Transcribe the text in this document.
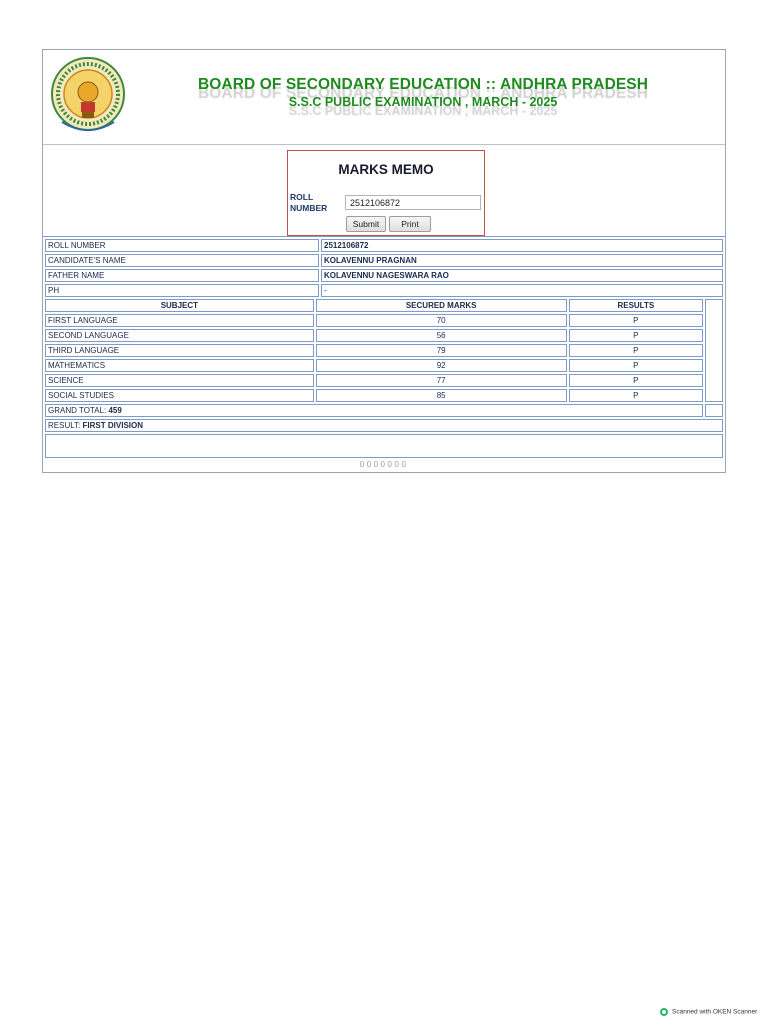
BOARD OF SECONDARY EDUCATION :: ANDHRA PRADESH
S.S.C PUBLIC EXAMINATION , MARCH - 2025
MARKS MEMO
ROLL NUMBER
2512106872
Submit	Print
ROLL NUMBER	2512106872
CANDIDATE'S NAME	KOLAVENNU PRAGNAN
FATHER NAME	KOLAVENNU NAGESWARA RAO
PH	-
SUBJECT	SECURED MARKS	RESULTS
FIRST LANGUAGE	70	P
SECOND LANGUAGE	56	P
THIRD LANGUAGE	79	P
MATHEMATICS	92	P
SCIENCE	77	P
SOCIAL STUDIES	85	P

GRAND TOTAL: 459	
RESULT: FIRST DIVISION

0000000
Scanned with OKEN Scanner
